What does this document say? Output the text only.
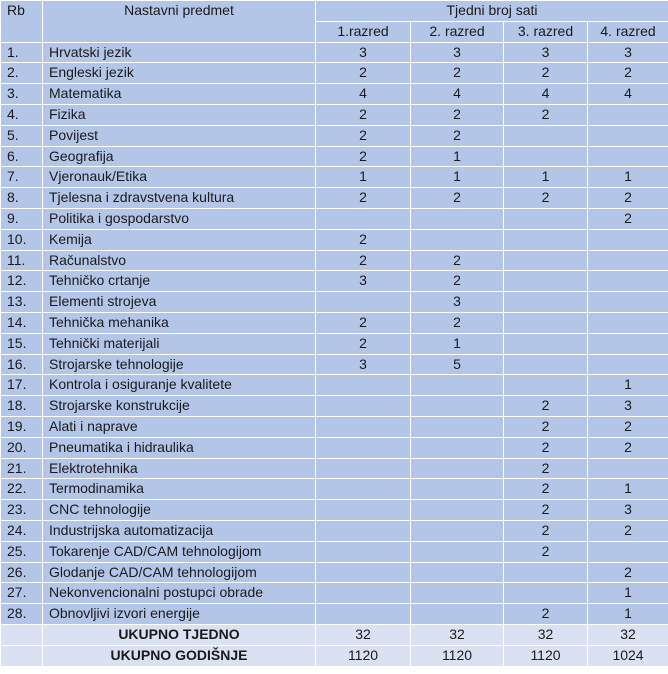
Rb	Nastavni predmet	Tjedni broj sati			
		1.razred	2. razred	3. razred	4. razred
1.	Hrvatski jezik	3	3	3	3
2.	Engleski jezik	2	2	2	2
3.	Matematika	4	4	4	4
4.	Fizika	2	2	2	
5.	Povijest	2	2		
6.	Geografija	2	1		
7.	Vjeronauk/Etika	1	1	1	1
8.	Tjelesna i zdravstvena kultura	2	2	2	2
9.	Politika i gospodarstvo				2
10.	Kemija	2			
11.	Računalstvo	2	2		
12.	Tehničko crtanje	3	2		
13.	Elementi strojeva		3		
14.	Tehnička mehanika	2	2		
15.	Tehnički materijali	2	1		
16.	Strojarske tehnologije	3	5		
17.	Kontrola i osiguranje kvalitete				1
18.	Strojarske konstrukcije			2	3
19.	Alati i naprave			2	2
20.	Pneumatika i hidraulika			2	2
21.	Elektrotehnika			2	
22.	Termodinamika			2	1
23.	CNC tehnologije			2	3
24.	Industrijska automatizacija			2	2
25.	Tokarenje CAD/CAM tehnologijom			2	
26.	Glodanje CAD/CAM tehnologijom				2
27.	Nekonvencionalni postupci obrade				1
28.	Obnovljivi izvori energije			2	1
	UKUPNO TJEDNO	32	32	32	32
	UKUPNO GODIŠNJE	1120	1120	1120	1024
